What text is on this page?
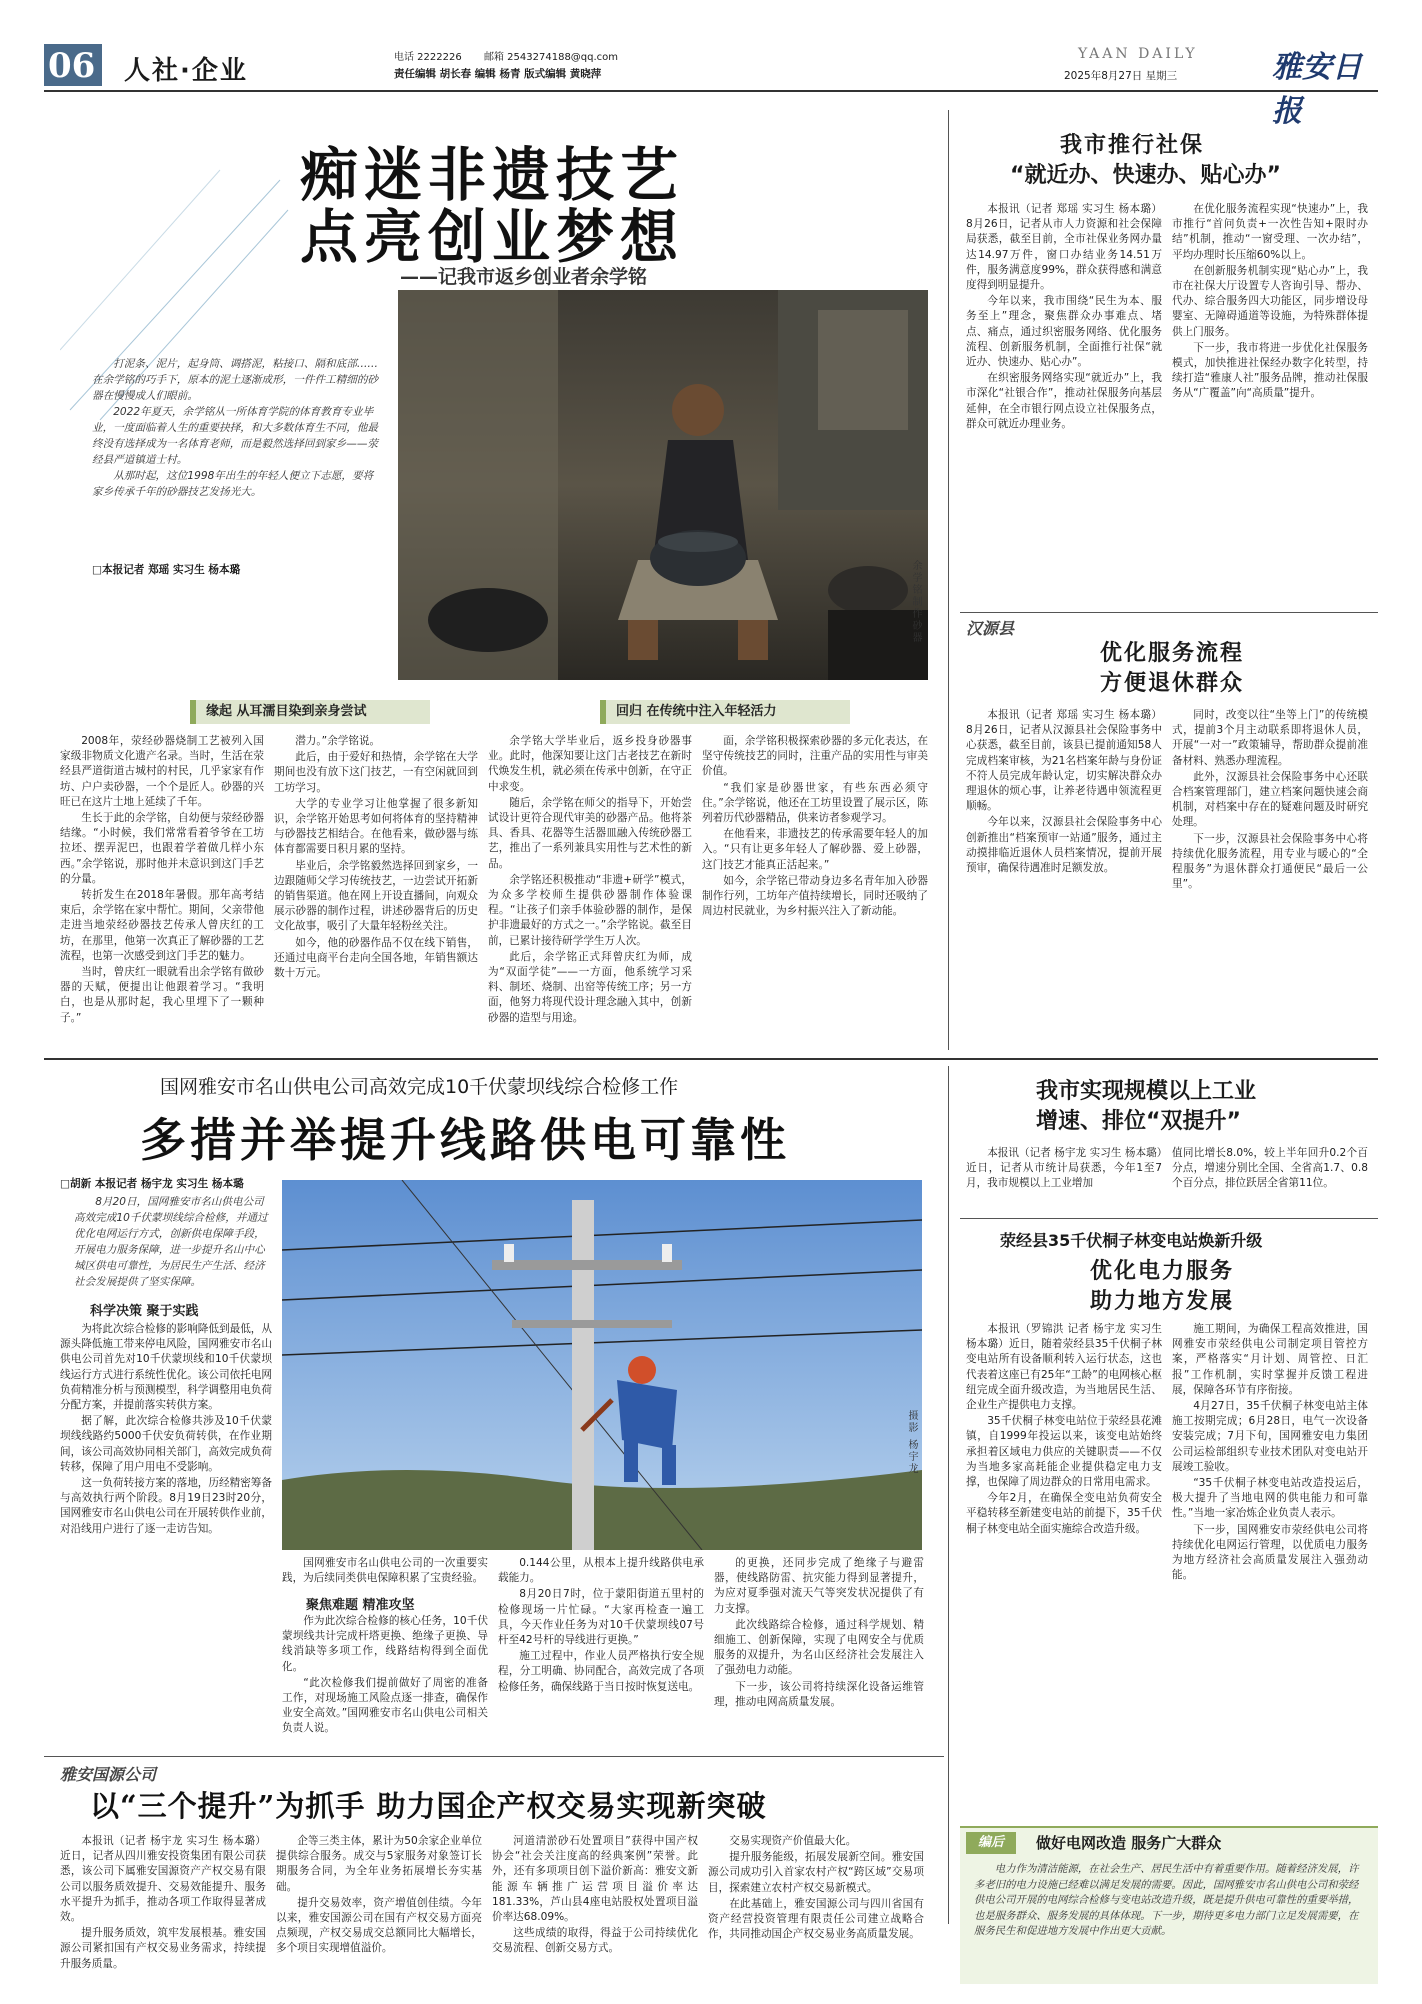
06 人社·企业	电话 2222226 邮箱 2543274188@qq.com
责任编辑 胡长春 编辑 杨青 版式编辑 黄晓萍
YAAN DAILY
2025年8月27日 星期三	雅安日报
痴迷非遗技艺
点亮创业梦想
——记我市返乡创业者余学铭

打泥条、泥片，起身筒、调搭泥，粘接口、隔和底部……在余学铭的巧手下，原本的泥土逐渐成形，一件件工精细的砂器在慢慢成人们眼前。

2022年夏天，余学铭从一所体育学院的体育教育专业毕业，一度面临着人生的重要抉择，和大多数体育生不同，他最终没有选择成为一名体育老师，而是毅然选择回到家乡——荥经县严道镇道士村。

从那时起，这位1998年出生的年轻人便立下志愿，要将家乡传承千年的砂器技艺发扬光大。

□本报记者 郑瑶 实习生 杨本璐	余学铭制作砂器
缘起 从耳濡目染到亲身尝试	回归 在传统中注入年轻活力

2008年，荥经砂器烧制工艺被列入国家级非物质文化遗产名录。当时，生活在荥经县严道街道古城村的村民，几乎家家有作坊、户户卖砂器，一个个是匠人。砂器的兴旺已在这片土地上延续了千年。

生长于此的余学铭，自幼便与荥经砂器结缘。“小时候，我们常常看着爷爷在工坊拉坯、摆弄泥巴，也跟着学着做几样小东西。”余学铭说，那时他并未意识到这门手艺的分量。

转折发生在2018年暑假。那年高考结束后，余学铭在家中帮忙。期间，父亲带他走进当地荥经砂器技艺传承人曾庆红的工坊，在那里，他第一次真正了解砂器的工艺流程，也第一次感受到这门手艺的魅力。

当时，曾庆红一眼就看出余学铭有做砂器的天赋，便提出让他跟着学习。“我明白，也是从那时起，我心里埋下了一颗种子。”

潜力。”余学铭说。

此后，由于爱好和热情，余学铭在大学期间也没有放下这门技艺，一有空闲就回到工坊学习。

大学的专业学习让他掌握了很多新知识，余学铭开始思考如何将体育的坚持精神与砂器技艺相结合。在他看来，做砂器与练体育都需要日积月累的坚持。

毕业后，余学铭毅然选择回到家乡，一边跟随师父学习传统技艺，一边尝试开拓新的销售渠道。他在网上开设直播间，向观众展示砂器的制作过程，讲述砂器背后的历史文化故事，吸引了大量年轻粉丝关注。

如今，他的砂器作品不仅在线下销售，还通过电商平台走向全国各地，年销售额达数十万元。

余学铭大学毕业后，返乡投身砂器事业。此时，他深知要让这门古老技艺在新时代焕发生机，就必须在传承中创新，在守正中求变。

随后，余学铭在师父的指导下，开始尝试设计更符合现代审美的砂器产品。他将茶具、香具、花器等生活器皿融入传统砂器工艺，推出了一系列兼具实用性与艺术性的新品。

余学铭还积极推动“非遗+研学”模式，为众多学校师生提供砂器制作体验课程。“让孩子们亲手体验砂器的制作，是保护非遗最好的方式之一。”余学铭说。截至目前，已累计接待研学学生万人次。

此后，余学铭正式拜曾庆红为师，成为“双面学徒”——一方面，他系统学习采料、制坯、烧制、出窑等传统工序；另一方面，他努力将现代设计理念融入其中，创新砂器的造型与用途。

面，余学铭积极探索砂器的多元化表达，在坚守传统技艺的同时，注重产品的实用性与审美价值。

“我们家是砂器世家，有些东西必须守住。”余学铭说，他还在工坊里设置了展示区，陈列着历代砂器精品，供来访者参观学习。

在他看来，非遗技艺的传承需要年轻人的加入。“只有让更多年轻人了解砂器、爱上砂器，这门技艺才能真正活起来。”

如今，余学铭已带动身边多名青年加入砂器制作行列，工坊年产值持续增长，同时还吸纳了周边村民就业，为乡村振兴注入了新动能。

我市推行社保
“就近办、快速办、贴心办”

本报讯（记者 郑瑶 实习生 杨本璐）8月26日，记者从市人力资源和社会保障局获悉，截至目前，全市社保业务网办量达14.97万件，窗口办结业务14.51万件，服务满意度99%，群众获得感和满意度得到明显提升。

今年以来，我市围绕“民生为本、服务至上”理念，聚焦群众办事难点、堵点、痛点，通过织密服务网络、优化服务流程、创新服务机制，全面推行社保“就近办、快速办、贴心办”。

在织密服务网络实现“就近办”上，我市深化“社银合作”，推动社保服务向基层延伸，在全市银行网点设立社保服务点，群众可就近办理业务。

在优化服务流程实现“快速办”上，我市推行“首问负责+一次性告知+限时办结”机制，推动“一窗受理、一次办结”，平均办理时长压缩60%以上。

在创新服务机制实现“贴心办”上，我市在社保大厅设置专人咨询引导、帮办、代办、综合服务四大功能区，同步增设母婴室、无障碍通道等设施，为特殊群体提供上门服务。

下一步，我市将进一步优化社保服务模式，加快推进社保经办数字化转型，持续打造“雅康人社”服务品牌，推动社保服务从“广覆盖”向“高质量”提升。

汉源县
优化服务流程
方便退休群众

本报讯（记者 郑瑶 实习生 杨本璐）8月26日，记者从汉源县社会保险事务中心获悉，截至目前，该县已提前通知58人完成档案审核，为21名档案年龄与身份证不符人员完成年龄认定，切实解决群众办理退休的烦心事，让养老待遇申领流程更顺畅。

今年以来，汉源县社会保险事务中心创新推出“档案预审一站通”服务，通过主动摸排临近退休人员档案情况，提前开展预审，确保待遇准时足额发放。

同时，改变以往“坐等上门”的传统模式，提前3个月主动联系即将退休人员，开展“一对一”政策辅导，帮助群众提前准备材料、熟悉办理流程。

此外，汉源县社会保险事务中心还联合档案管理部门，建立档案问题快速会商机制，对档案中存在的疑难问题及时研究处理。

下一步，汉源县社会保险事务中心将持续优化服务流程，用专业与暖心的“全程服务”为退休群众打通便民“最后一公里”。

国网雅安市名山供电公司高效完成10千伏蒙坝线综合检修工作
多措并举提升线路供电可靠性
□胡新 本报记者 杨宇龙 实习生 杨本璐
8月20日，国网雅安市名山供电公司高效完成10千伏蒙坝线综合检修，并通过优化电网运行方式，创新供电保障手段，开展电力服务保障，进一步提升名山中心城区供电可靠性，为居民生产生活、经济社会发展提供了坚实保障。
科学决策 聚于实践
摄影 杨宇龙

为将此次综合检修的影响降低到最低，从源头降低施工带来停电风险，国网雅安市名山供电公司首先对10千伏蒙坝线和10千伏蒙坝线运行方式进行系统性优化。该公司依托电网负荷精准分析与预测模型，科学调整用电负荷分配方案，并提前落实转供方案。

据了解，此次综合检修共涉及10千伏蒙坝线线路约5000千伏安负荷转供，在作业期间，该公司高效协同相关部门，高效完成负荷转移，保障了用户用电不受影响。

这一负荷转接方案的落地，历经精密筹备与高效执行两个阶段。8月19日23时20分，国网雅安市名山供电公司在开展转供作业前，对沿线用户进行了逐一走访告知。

国网雅安市名山供电公司的一次重要实践，为后续同类供电保障积累了宝贵经验。

聚焦难题 精准攻坚

作为此次综合检修的核心任务，10千伏蒙坝线共计完成杆塔更换、绝缘子更换、导线消缺等多项工作，线路结构得到全面优化。

“此次检修我们提前做好了周密的准备工作，对现场施工风险点逐一排查，确保作业安全高效。”国网雅安市名山供电公司相关负责人说。

0.144公里，从根本上提升线路供电承载能力。

8月20日7时，位于蒙阳街道五里村的检修现场一片忙碌。“大家再检查一遍工具，今天作业任务为对10千伏蒙坝线07号杆至42号杆的导线进行更换。”

施工过程中，作业人员严格执行安全规程，分工明确、协同配合，高效完成了各项检修任务，确保线路于当日按时恢复送电。

的更换，还同步完成了绝缘子与避雷器，使线路防雷、抗灾能力得到显著提升，为应对夏季强对流天气等突发状况提供了有力支撑。

此次线路综合检修，通过科学规划、精细施工、创新保障，实现了电网安全与优质服务的双提升，为名山区经济社会发展注入了强劲电力动能。

下一步，该公司将持续深化设备运维管理，推动电网高质量发展。

我市实现规模以上工业
增速、排位“双提升”
本报讯（记者 杨宇龙 实习生 杨本璐）近日，记者从市统计局获悉，今年1至7月，我市规模以上工业增加
值同比增长8.0%，较上半年回升0.2个百分点，增速分别比全国、全省高1.7、0.8个百分点，排位跃居全省第11位。
荥经县35千伏桐子林变电站焕新升级
优化电力服务
助力地方发展

本报讯（罗锦洪 记者 杨宇龙 实习生 杨本璐）近日，随着荥经县35千伏桐子林变电站所有设备顺利转入运行状态，这也代表着这座已有25年“工龄”的电网核心枢纽完成全面升级改造，为当地居民生活、企业生产提供电力支撑。

35千伏桐子林变电站位于荥经县花滩镇，自1999年投运以来，该变电站始终承担着区域电力供应的关键职责——不仅为当地多家高耗能企业提供稳定电力支撑，也保障了周边群众的日常用电需求。

今年2月，在确保全变电站负荷安全平稳转移至新建变电站的前提下，35千伏桐子林变电站全面实施综合改造升级。

施工期间，为确保工程高效推进，国网雅安市荥经供电公司制定项目管控方案，严格落实“月计划、周管控、日汇报”工作机制，实时掌握并反馈工程进展，保障各环节有序衔接。

4月27日，35千伏桐子林变电站主体施工按期完成；6月28日，电气一次设备安装完成；7月下旬，国网雅安电力集团公司运检部组织专业技术团队对变电站开展竣工验收。

“35千伏桐子林变电站改造投运后，极大提升了当地电网的供电能力和可靠性。”当地一家冶炼企业负责人表示。

下一步，国网雅安市荥经供电公司将持续优化电网运行管理，以优质电力服务为地方经济社会高质量发展注入强劲动能。

雅安国源公司
以“三个提升”为抓手 助力国企产权交易实现新突破

本报讯（记者 杨宇龙 实习生 杨本璐）近日，记者从四川雅安投资集团有限公司获悉，该公司下属雅安国源资产产权交易有限公司以服务质效提升、交易效能提升、服务水平提升为抓手，推动各项工作取得显著成效。

提升服务质效，筑牢发展根基。雅安国源公司紧扣国有产权交易业务需求，持续提升服务质量。

企等三类主体，累计为50余家企业单位提供综合服务。成交与5家服务对象签订长期服务合同，为全年业务拓展增长夯实基础。

提升交易效率，资产增值创佳绩。今年以来，雅安国源公司在国有产权交易方面亮点频现，产权交易成交总额同比大幅增长，多个项目实现增值溢价。

河道清淤砂石处置项目”获得中国产权协会“社会关注度高的经典案例”荣誉。此外，还有多项项目创下溢价新高：雅安文新能源车辆推广运营项目溢价率达181.33%，芦山县4座电站股权处置项目溢价率达68.09%。

这些成绩的取得，得益于公司持续优化交易流程、创新交易方式。

交易实现资产价值最大化。

提升服务能级，拓展发展新空间。雅安国源公司成功引入首家农村产权“跨区域”交易项目，探索建立农村产权交易新模式。

在此基础上，雅安国源公司与四川省国有资产经营投资管理有限责任公司建立战略合作，共同推动国企产权交易业务高质量发展。

编后	做好电网改造 服务广大群众
电力作为清洁能源，在社会生产、居民生活中有着重要作用。随着经济发展，许多老旧的电力设施已经难以满足发展的需要。因此，国网雅安市名山供电公司和荥经供电公司开展的电网综合检修与变电站改造升级，既是提升供电可靠性的重要举措，也是服务群众、服务发展的具体体现。下一步，期待更多电力部门立足发展需要，在服务民生和促进地方发展中作出更大贡献。
